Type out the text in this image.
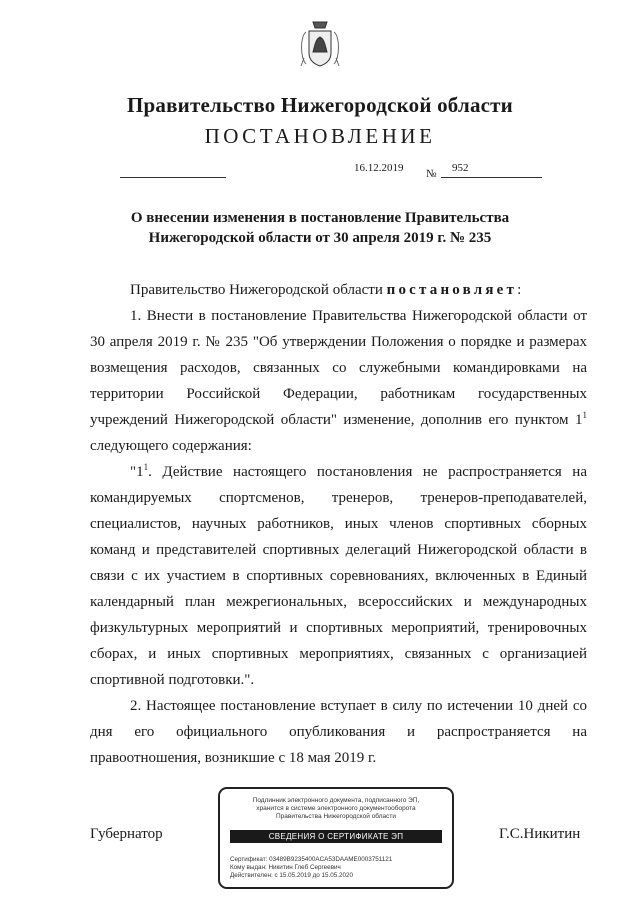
Правительство Нижегородской области
ПОСТАНОВЛЕНИЕ
16.12.2019 № 952
О внесении изменения в постановление Правительства
Нижегородской области от 30 апреля 2019 г. № 235
Правительство Нижегородской области постановляет:
1. Внести в постановление Правительства Нижегородской области от 30 апреля 2019 г. № 235 "Об утверждении Положения о порядке и размерах возмещения расходов, связанных со служебными командировками на территории Российской Федерации, работникам государственных учреждений Нижегородской области" изменение, дополнив его пунктом $1^1$ следующего содержания:
"$1^1$. Действие настоящего постановления не распространяется на командируемых спортсменов, тренеров, тренеров-преподавателей, специалистов, научных работников, иных членов спортивных сборных команд и представителей спортивных делегаций Нижегородской области в связи с их участием в спортивных соревнованиях, включенных в Единый календарный план межрегиональных, всероссийских и международных физкультурных мероприятий и спортивных мероприятий, тренировочных сборах, и иных спортивных мероприятиях, связанных с организацией спортивной подготовки.".
2. Настоящее постановление вступает в силу по истечении 10 дней со дня его официального опубликования и распространяется на правоотношения, возникшие с 18 мая 2019 г.
Губернатор	Г.С.Никитин
Подлинник электронного документа, подписанного ЭП,
хранится в системе электронного документооборота
Правительства Нижегородской области
СВЕДЕНИЯ О СЕРТИФИКАТЕ ЭП
Сертификат: 03489B9235400ACA53DAAME0003751121
Кому выдан: Никитин Глеб Сергеевич
Действителен: с 15.05.2019 до 15.05.2020
